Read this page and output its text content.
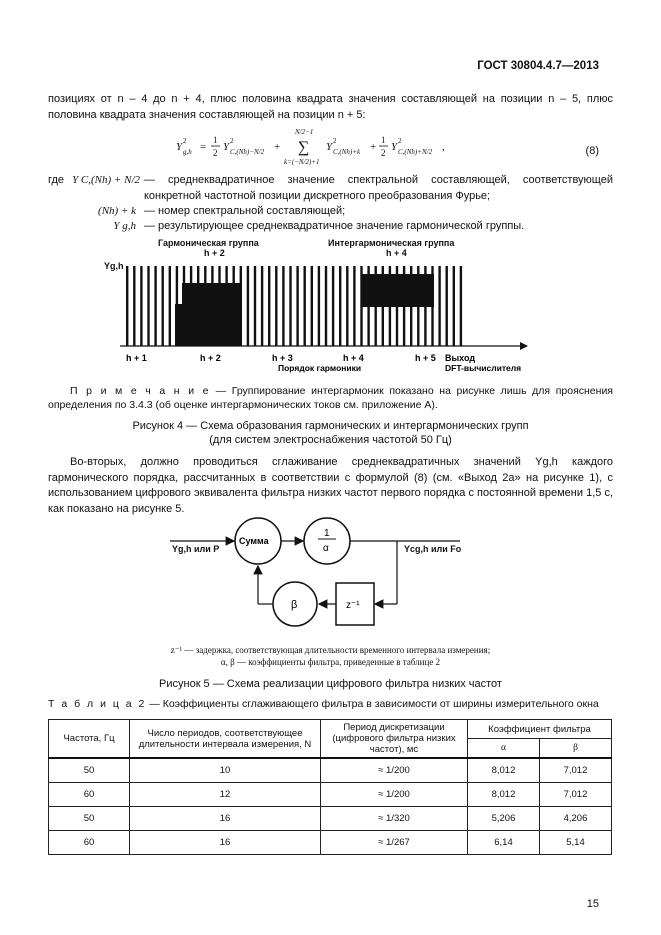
ГОСТ 30804.4.7—2013
позициях от n – 4 до n + 4, плюс половина квадрата значения составляющей на позиции n – 5, плюс половина квадрата значения составляющей на позиции n + 5:
Y 2
g,h =
1
2 Y 2
C,(Nh)−N/2 +
N/2−1
∑
k=(−N/2)+1
Y 2
C,(Nh)+k +
1
2 Y 2
C,(Nh)+N/2 ,	(8)
где Y C,(Nh) + N/2 — среднеквадратичное значение спектральной составляющей, соответствующей конкретной частотной позиции дискретного преобразования Фурье;
(Nh) + k — номер спектральной составляющей;
Y g,h — результирующее среднеквадратичное значение гармонической группы.
Гармоническая группа
h + 2
Интергармоническая группа
h + 4
Yg,h
h + 1	h + 2	h + 3	h + 4	h + 5 Выход
Порядок гармоники	DFT-вычислителя
П р и м е ч а н и е — Группирование интергармоник показано на рисунке лишь для прояснения определения по 3.4.3 (об оценке интергармонических токов см. приложение А).
Рисунок 4 — Схема образования гармонических и интергармонических групп
(для систем электроснабжения частотой 50 Гц)
Во-вторых, должно проводиться сглаживание среднеквадратичных значений Yg,h каждого гармонического порядка, рассчитанных в соответствии с формулой (8) (см. «Выход 2а» на рисунке 1), с использованием цифрового эквивалента фильтра низких частот первого порядка с постоянной времени 1,5 с, как показано на рисунке 5.
Сумма
1
α
z⁻¹
β
Yg,h или P	Yсg,h или Fo
z⁻¹ — задержка, соответствующая длительности временного интервала измерения;
α, β — коэффициенты фильтра, приведенные в таблице 2
Рисунок 5 — Схема реализации цифрового фильтра низких частот
Т а б л и ц а 2 — Коэффициенты сглаживающего фильтра в зависимости от ширины измерительного окна
Частота, Гц	Число периодов, соответствующее длительности интервала измерения, N	Период дискретизации (цифрового фильтра низких частот), мс	Коэффициент фильтра	
			α	β
50	10	≈ 1/200	8,012	7,012
60	12	≈ 1/200	8,012	7,012
50	16	≈ 1/320	5,206	4,206
60	16	≈ 1/267	6,14	5,14
15
